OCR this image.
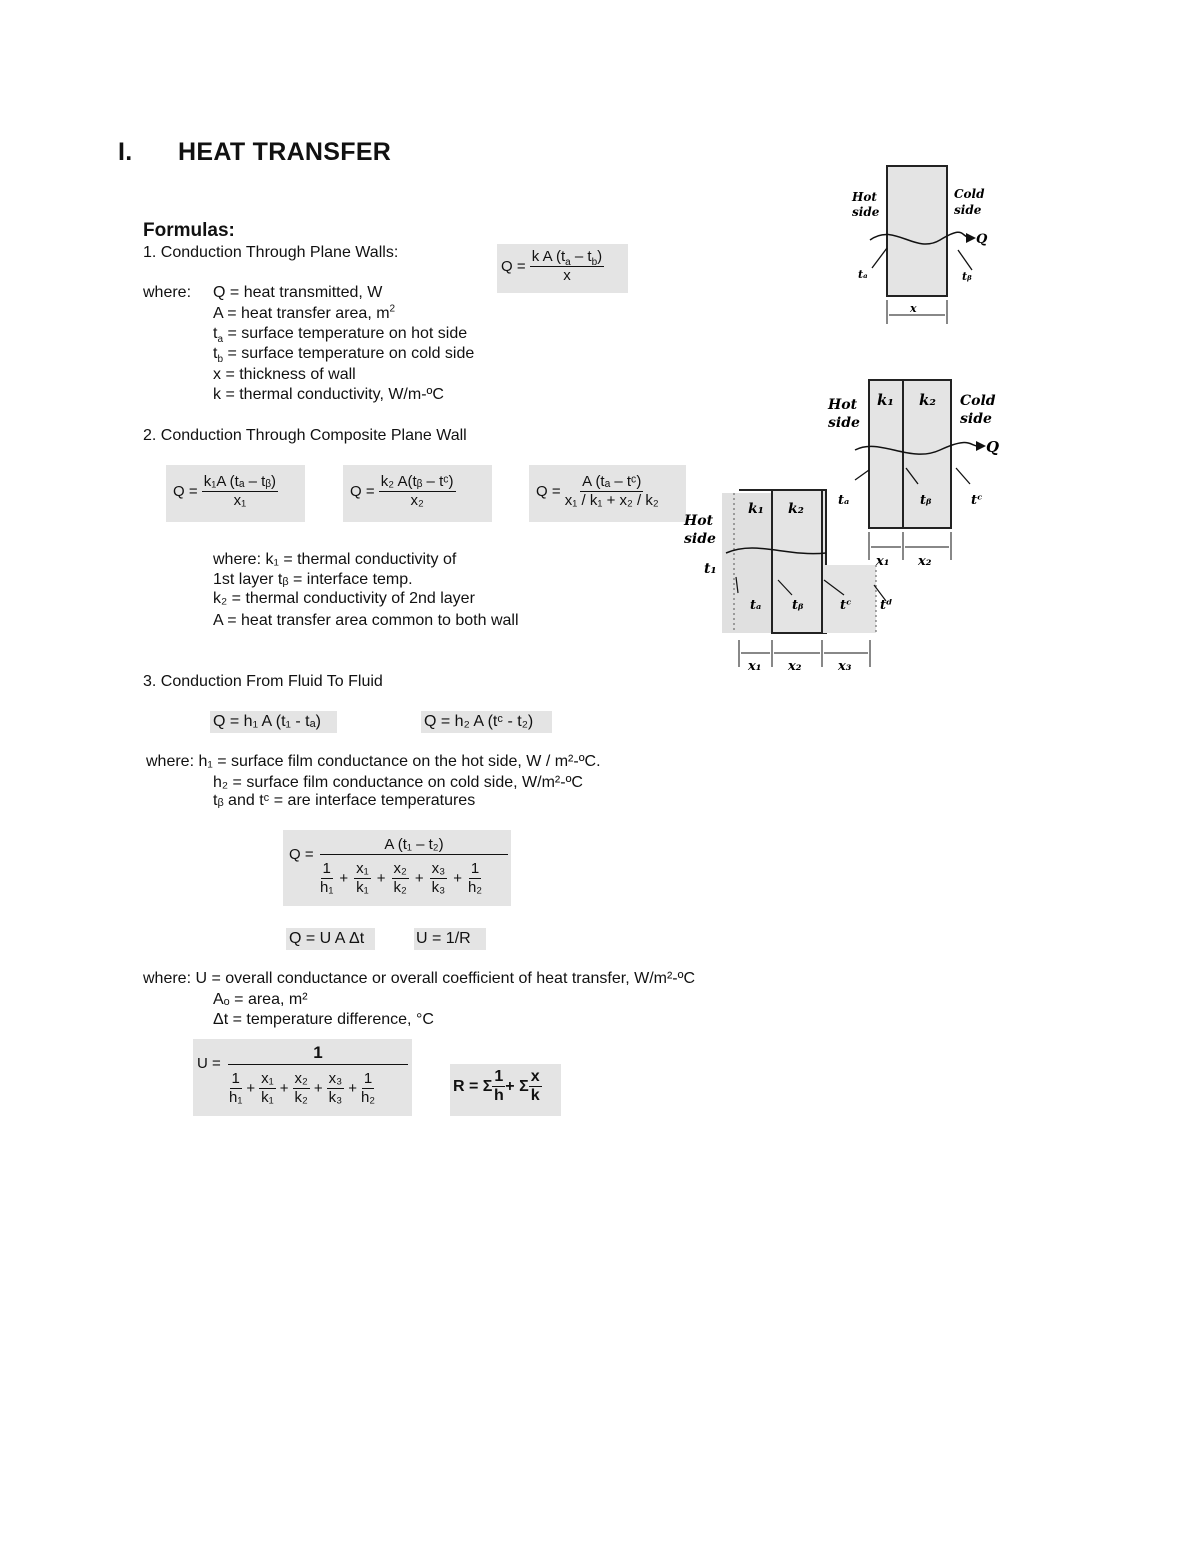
I. HEAT TRANSFER
Formulas:
1. Conduction Through Plane Walls:
Q =
$\frac{k A (t_a - t_b)}{x}$
where: Q = heat transmitted, W
A = heat transfer area, $m^2$
$t_a$ = surface temperature on hot side
$t_b$ = surface temperature on cold side
x = thickness of wall
k = thermal conductivity, W/m-ºC
2. Conduction Through Composite Plane Wall
Q =
$\frac{\text{k₁A (tₐ – tᵦ)}}{\text{x₁}}$	Q =
$\frac{\text{k₂ A(tᵦ – tᶜ)}}{\text{x₂}}$	Q =
$\frac{\text{A (tₐ – tᶜ)}}{\text{x₁ / k₁ + x₂ / k₂}}$
where: k₁ = thermal conductivity of
1st layer tᵦ = interface temp.
k₂ = thermal conductivity of 2nd layer
A = heat transfer area common to both wall
3. Conduction From Fluid To Fluid
Q = h₁ A (t₁ - tₐ)	Q = h₂ A (tᶜ - t₂)
where: h₁ = surface film conductance on the hot side, W / m²-ºC.
h₂ = surface film conductance on cold side, W/m²-ºC
tᵦ and tᶜ = are interface temperatures
Q =
A (t₁ – t₂)
$\frac{1}{\text{h₁}} + \frac{\text{x₁}}{\text{k₁}} + \frac{\text{x₂}}{\text{k₂}} + \frac{\text{x₃}}{\text{k₃}} + \frac{1}{\text{h₂}}$
Q = U A Δt	U = 1/R
where: U = overall conductance or overall coefficient of heat transfer, W/m²-ºC
Aₒ = area, m²
Δt = temperature difference, °C
U =
1
$\frac{1}{\text{h₁}} + \frac{\text{x₁}}{\text{k₁}} + \frac{\text{x₂}}{\text{k₂}} + \frac{\text{x₃}}{\text{k₃}} + \frac{1}{\text{h₂}}$	R = Σ $\frac{1}{h} + \Sigma \frac{x}{k}$
Hot
side
Cold
side
Q
tₐ	tᵦ
x
k₁ k₂
Hot
side
Cold
side
Q
tₐ	tᵦ	tᶜ
x₁ x₂
k₁ k₂
Hot
side
t₁
tₐ tᵦ	tᶜ tᵈ
x₁ x₂	x₃
